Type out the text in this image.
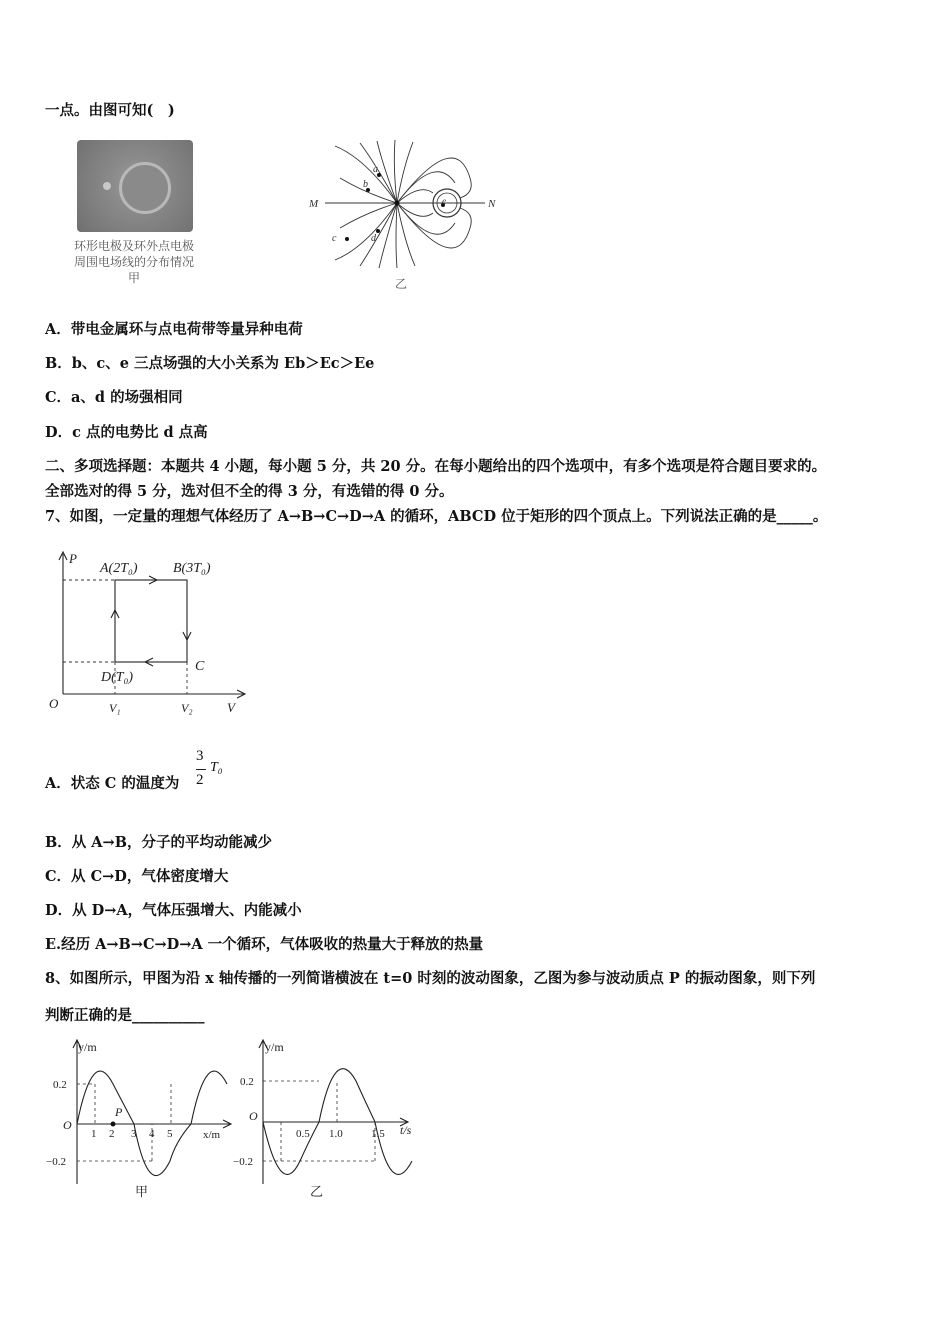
一点。由图可知(　)
环形电极及环外点电极
周围电场线的分布情况
甲
M	N
a
b
c	d
e
乙
A．带电金属环与点电荷带等量异种电荷
B．b、c、e 三点场强的大小关系为 Eb＞Ec＞Ee
C．a、d 的场强相同
D．c 点的电势比 d 点高
二、多项选择题：本题共 4 小题，每小题 5 分，共 20 分。在每小题给出的四个选项中，有多个选项是符合题目要求的。
全部选对的得 5 分，选对但不全的得 3 分，有选错的得 0 分。
7、如图，一定量的理想气体经历了 A→B→C→D→A 的循环，ABCD 位于矩形的四个顶点上。下列说法正确的是_____。
P
V
O
A(2T₀)	B(3T₀)
C
D(T₀)
V₁	V₂
A．状态 C 的温度为
3
2
T₀
B．从 A→B，分子的平均动能减少
C．从 C→D，气体密度增大
D．从 D→A，气体压强增大、内能减小
E.经历 A→B→C→D→A 一个循环，气体吸收的热量大于释放的热量
8、如图所示，甲图为沿 x 轴传播的一列简谐横波在 t=0 时刻的波动图象，乙图为参与波动质点 P 的振动图象，则下列
判断正确的是__________
y/m
x/m
O
P
0.2
−0.2
1 2 3 4 5
甲
y/m
t/s
O
0.2
−0.2
0.5 1.0	1.5
乙
